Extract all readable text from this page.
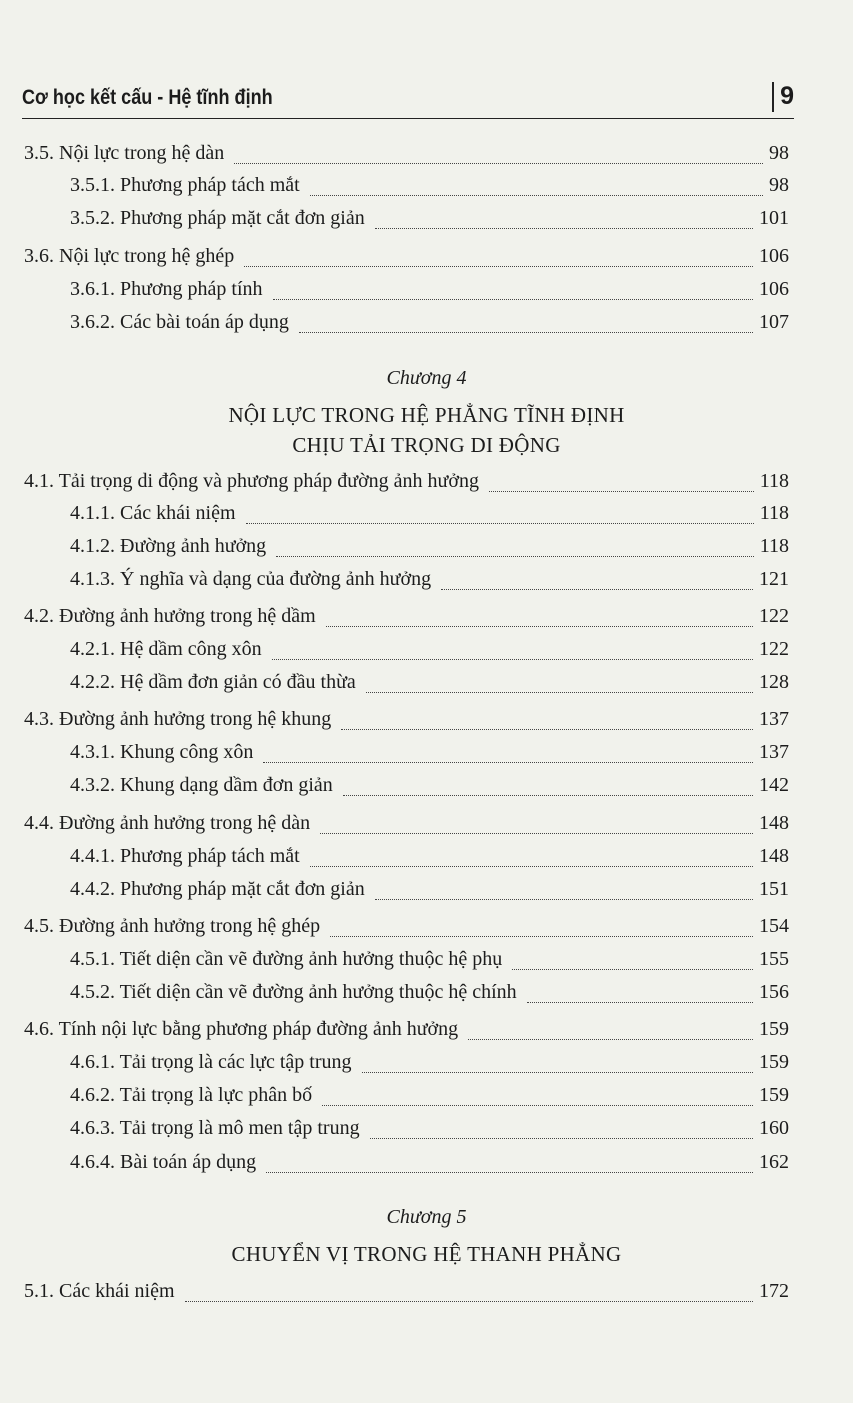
Cơ học kết cấu - Hệ tĩnh định	9
3.5. Nội lực trong hệ dàn	98
3.5.1. Phương pháp tách mắt	98
3.5.2. Phương pháp mặt cắt đơn giản	101
3.6. Nội lực trong hệ ghép	106
3.6.1. Phương pháp tính	106
3.6.2. Các bài toán áp dụng	107
Chương 4
NỘI LỰC TRONG HỆ PHẲNG TĨNH ĐỊNH
CHỊU TẢI TRỌNG DI ĐỘNG
4.1. Tải trọng di động và phương pháp đường ảnh hưởng	118
4.1.1. Các khái niệm	118
4.1.2. Đường ảnh hưởng	118
4.1.3. Ý nghĩa và dạng của đường ảnh hưởng	121
4.2. Đường ảnh hưởng trong hệ dầm	122
4.2.1. Hệ dầm công xôn	122
4.2.2. Hệ dầm đơn giản có đầu thừa	128
4.3. Đường ảnh hưởng trong hệ khung	137
4.3.1. Khung công xôn	137
4.3.2. Khung dạng dầm đơn giản	142
4.4. Đường ảnh hưởng trong hệ dàn	148
4.4.1. Phương pháp tách mắt	148
4.4.2. Phương pháp mặt cắt đơn giản	151
4.5. Đường ảnh hưởng trong hệ ghép	154
4.5.1. Tiết diện cần vẽ đường ảnh hưởng thuộc hệ phụ	155
4.5.2. Tiết diện cần vẽ đường ảnh hưởng thuộc hệ chính	156
4.6. Tính nội lực bằng phương pháp đường ảnh hưởng	159
4.6.1. Tải trọng là các lực tập trung	159
4.6.2. Tải trọng là lực phân bố	159
4.6.3. Tải trọng là mô men tập trung	160
4.6.4. Bài toán áp dụng	162
Chương 5
CHUYỂN VỊ TRONG HỆ THANH PHẲNG
5.1. Các khái niệm	172
